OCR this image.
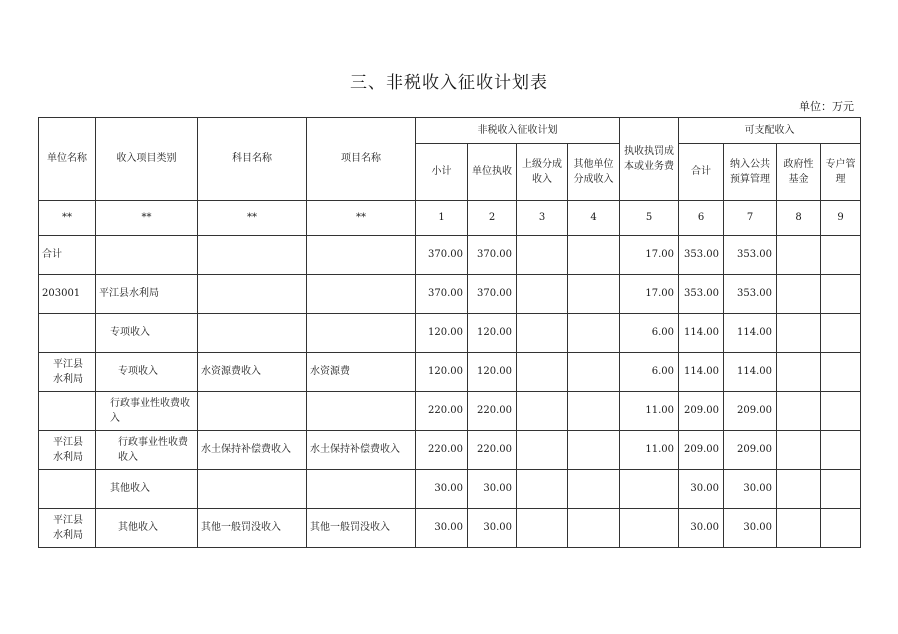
三、非税收入征收计划表
单位：万元
单位名称	收入项目类别	科目名称	项目名称	非税收入征收计划				执收执罚成本或业务费	可支配收入			
				小计	单位执收	上级分成收入	其他单位分成收入		合计	纳入公共预算管理	政府性基金	专户管理
**	**	**	**	1	2	3	4	5	6	7	8	9
合计				370.00	370.00			17.00	353.00	353.00		
203001	平江县水利局			370.00	370.00			17.00	353.00	353.00		
	专项收入			120.00	120.00			6.00	114.00	114.00		
平江县水利局	专项收入	水资源费收入	水资源费	120.00	120.00			6.00	114.00	114.00		
	行政事业性收费收入			220.00	220.00			11.00	209.00	209.00		
平江县水利局	行政事业性收费收入	水土保持补偿费收入	水土保持补偿费收入	220.00	220.00			11.00	209.00	209.00		
	其他收入			30.00	30.00				30.00	30.00		
平江县水利局	其他收入	其他一般罚没收入	其他一般罚没收入	30.00	30.00				30.00	30.00		
